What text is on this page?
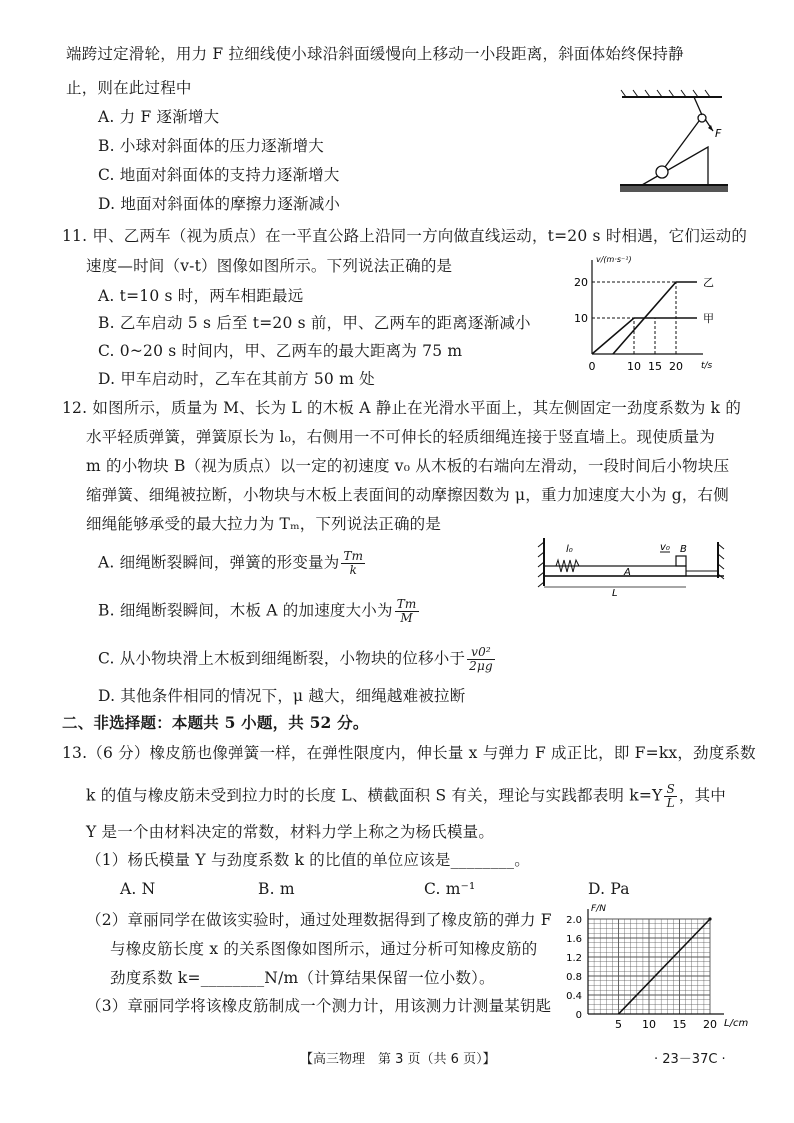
端跨过定滑轮，用力 F 拉细线使小球沿斜面缓慢向上移动一小段距离，斜面体始终保持静
止，则在此过程中
A. 力 F 逐渐增大
B. 小球对斜面体的压力逐渐增大
C. 地面对斜面体的支持力逐渐增大
D. 地面对斜面体的摩擦力逐渐减小
F
11. 甲、乙两车（视为质点）在一平直公路上沿同一方向做直线运动，t=20 s 时相遇，它们运动的
速度—时间（v-t）图像如图所示。下列说法正确的是
A. t=10 s 时，两车相距最远
B. 乙车启动 5 s 后至 t=20 s 前，甲、乙两车的距离逐渐减小
C. 0~20 s 时间内，甲、乙两车的最大距离为 75 m
D. 甲车启动时，乙车在其前方 50 m 处
v/(m·s⁻¹)
t/s
10
20
0	10 15 20
甲
乙
12. 如图所示，质量为 M、长为 L 的木板 A 静止在光滑水平面上，其左侧固定一劲度系数为 k 的
水平轻质弹簧，弹簧原长为 l₀，右侧用一不可伸长的轻质细绳连接于竖直墙上。现使质量为
m 的小物块 B（视为质点）以一定的初速度 v₀ 从木板的右端向左滑动，一段时间后小物块压
缩弹簧、细绳被拉断，小物块与木板上表面间的动摩擦因数为 μ，重力加速度大小为 g，右侧
细绳能够承受的最大拉力为 Tₘ，下列说法正确的是
A. 细绳断裂瞬间，弹簧的形变量为 $\frac{Tm}{k}$
B. 细绳断裂瞬间，木板 A 的加速度大小为 $\frac{Tm}{M}$
C. 从小物块滑上木板到细绳断裂，小物块的位移小于 $\frac{\text{v0²}}{2\mu g}$
D. 其他条件相同的情况下，μ 越大，细绳越难被拉断
l₀
A
B
v₀
L
二、非选择题：本题共 5 小题，共 52 分。
13.（6 分）橡皮筋也像弹簧一样，在弹性限度内，伸长量 x 与弹力 F 成正比，即 F=kx，劲度系数
k 的值与橡皮筋未受到拉力时的长度 L、横截面积 S 有关，理论与实践都表明 $k=Y \frac{S}{L}$ ，其中
Y 是一个由材料决定的常数，材料力学上称之为杨氏模量。
（1）杨氏模量 Y 与劲度系数 k 的比值的单位应该是________。
A. N	B. m	C. m⁻¹	D. Pa
（2）章丽同学在做该实验时，通过处理数据得到了橡皮筋的弹力 F
与橡皮筋长度 x 的关系图像如图所示，通过分析可知橡皮筋的
劲度系数 k=________N/m（计算结果保留一位小数）。
（3）章丽同学将该橡皮筋制成一个测力计，用该测力计测量某钥匙
F/N
L/cm
0
0.4
0.8
1.2
1.6
2.0
5 10 15 20
【高三物理　第 3 页（共 6 页）】	· 23－37C ·
